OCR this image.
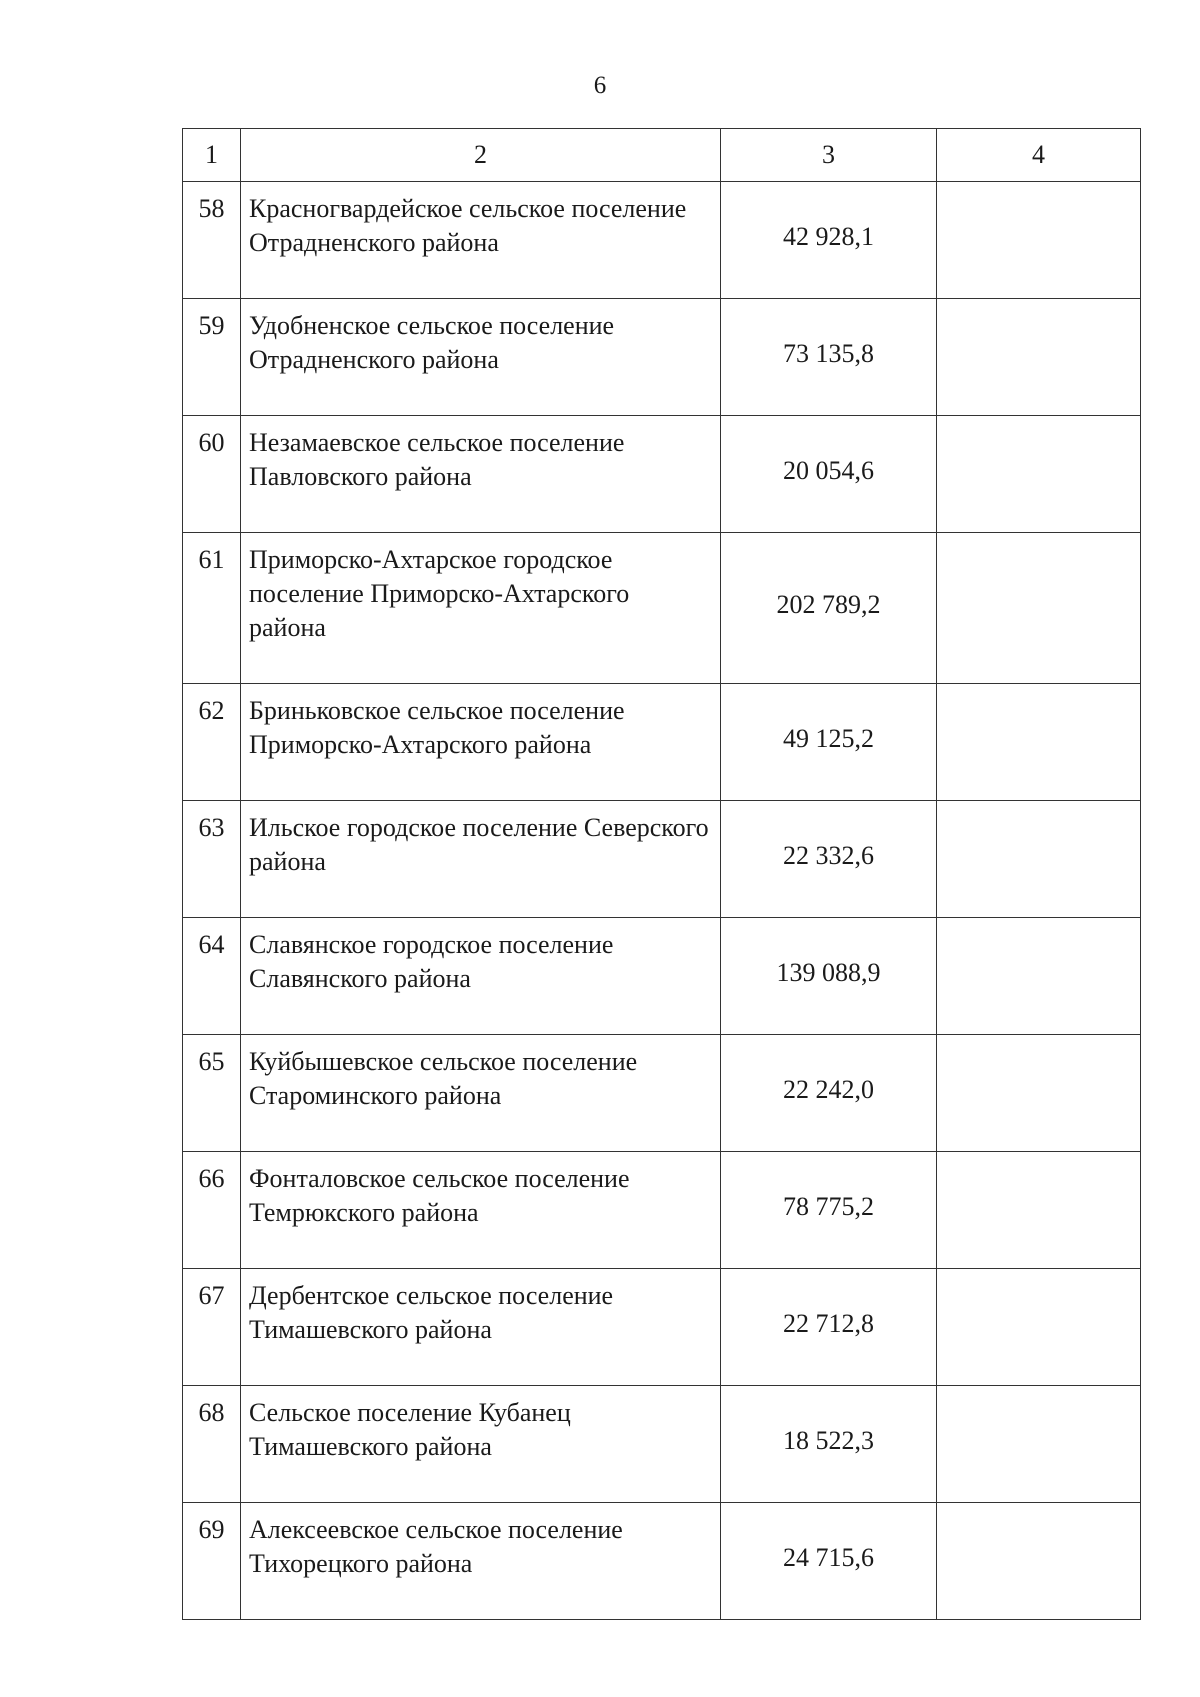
6
1	2	3	4
58	Красногвардейское сельское поселение Отрадненского района	42 928,1	
59	Удобненское сельское поселение Отрадненского района	73 135,8	
60	Незамаевское сельское поселение Павловского района	20 054,6	
61	Приморско-Ахтарское городское поселение Приморско-Ахтарского района	202 789,2	
62	Бриньковское сельское поселение Приморско-Ахтарского района	49 125,2	
63	Ильское городское поселение Северского района	22 332,6	
64	Славянское городское поселение Славянского района	139 088,9	
65	Куйбышевское сельское поселение Староминского района	22 242,0	
66	Фонталовское сельское поселение Темрюкского района	78 775,2	
67	Дербентское сельское поселение Тимашевского района	22 712,8	
68	Сельское поселение Кубанец Тимашевского района	18 522,3	
69	Алексеевское сельское поселение Тихорецкого района	24 715,6	
